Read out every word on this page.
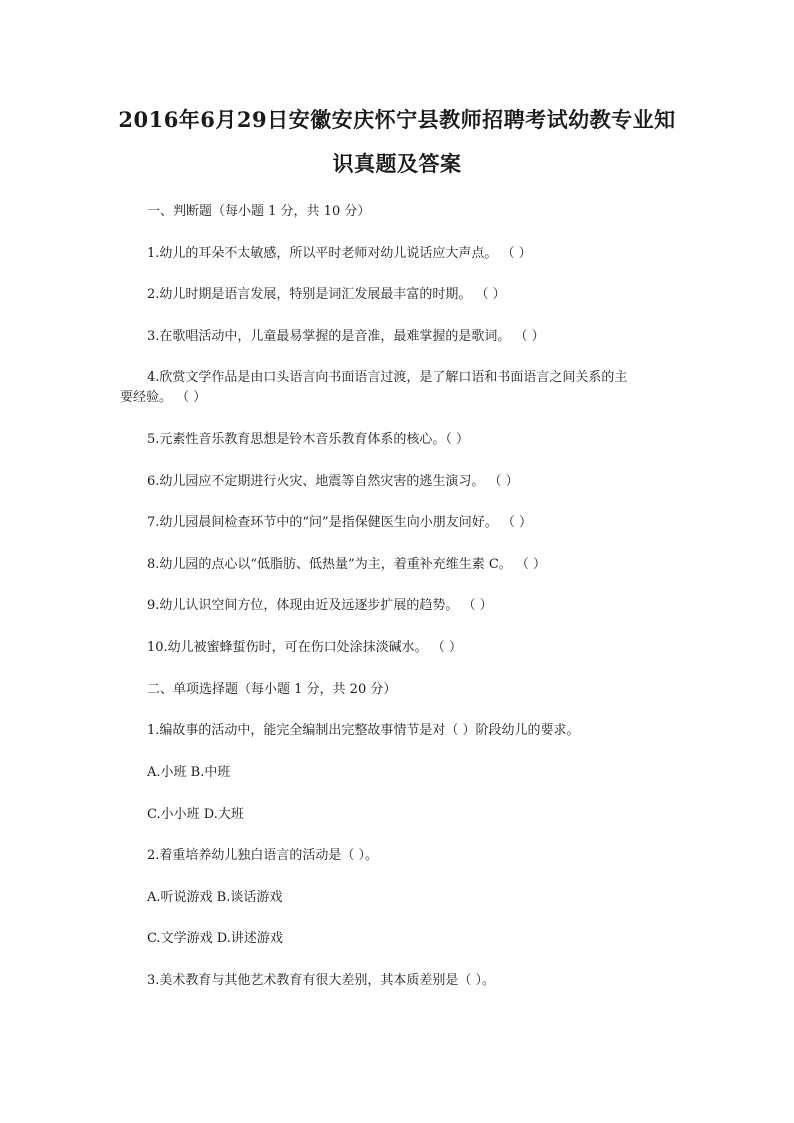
2016年6月29日安徽安庆怀宁县教师招聘考试幼教专业知
识真题及答案
一、判断题（每小题 1 分，共 10 分）
1.幼儿的耳朵不太敏感，所以平时老师对幼儿说话应大声点。 （ ）
2.幼儿时期是语言发展，特别是词汇发展最丰富的时期。 （ ）
3.在歌唱活动中，儿童最易掌握的是音准，最难掌握的是歌词。 （ ）
4.欣赏文学作品是由口头语言向书面语言过渡，是了解口语和书面语言之间关系的主
要经验。 （ ）
5.元素性音乐教育思想是铃木音乐教育体系的核心。（ ）
6.幼儿园应不定期进行火灾、地震等自然灾害的逃生演习。 （ ）
7.幼儿园晨间检查环节中的“问”是指保健医生向小朋友问好。 （ ）
8.幼儿园的点心以“低脂肪、低热量”为主，着重补充维生素 C。 （ ）
9.幼儿认识空间方位，体现由近及远逐步扩展的趋势。 （ ）
10.幼儿被蜜蜂蜇伤时，可在伤口处涂抹淡碱水。 （ ）
二、单项选择题（每小题 1 分，共 20 分）
1.编故事的活动中，能完全编制出完整故事情节是对（ ）阶段幼儿的要求。
A.小班 B.中班
C.小小班 D.大班
2.着重培养幼儿独白语言的活动是（ ）。
A.听说游戏 B.谈话游戏
C.文学游戏 D.讲述游戏
3.美术教育与其他艺术教育有很大差别，其本质差别是（ ）。
